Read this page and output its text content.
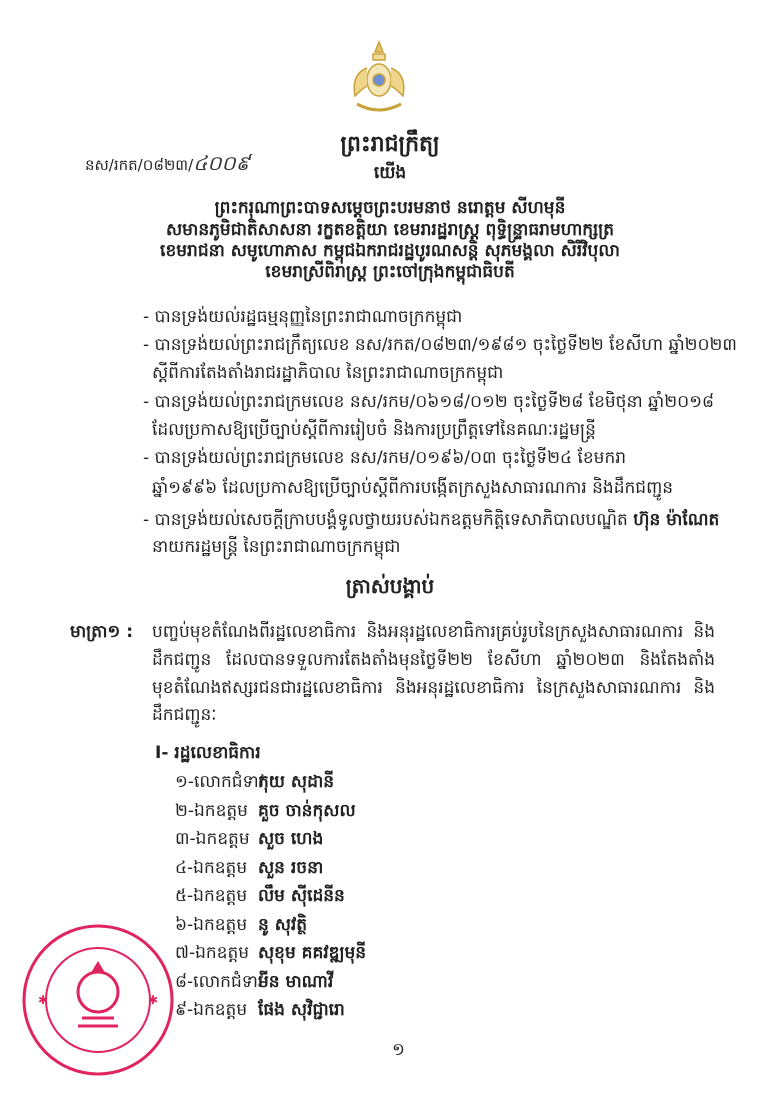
ព្រះរាជក្រឹត្យ
នស/រកត/០៨២៣/៤០០៩	យើង
ព្រះករុណាព្រះបាទសម្តេចព្រះបរមនាថ នរោត្តម សីហមុនី
សមានភូមិជាតិសាសនា រក្ខតខត្តិយា ខេមរារដ្ឋរាស្ត្រ ពុទ្ធិន្ទ្រាធរាមហាក្សត្រ
ខេមរាជនា សមូហោភាស កម្ពុជឯករាជរដ្ឋបូរណសន្តិ សុភមង្គលា សិរីវិបុលា
ខេមរាស្រីពិរាស្ត្រ ព្រះចៅក្រុងកម្ពុជាធិបតី
- បានទ្រង់យល់រដ្ឋធម្មនុញ្ញនៃព្រះរាជាណាចក្រកម្ពុជា
- បានទ្រង់យល់ព្រះរាជក្រឹត្យលេខ នស/រកត/០៨២៣/១៩៨១ ចុះថ្ងៃទី២២ ខែសីហា ឆ្នាំ២០២៣
ស្តីពីការតែងតាំងរាជរដ្ឋាភិបាល នៃព្រះរាជាណាចក្រកម្ពុជា
- បានទ្រង់យល់ព្រះរាជក្រមលេខ នស/រកម/០៦១៨/០១២ ចុះថ្ងៃទី២៨ ខែមិថុនា ឆ្នាំ២០១៨
ដែលប្រកាសឱ្យប្រើច្បាប់ស្តីពីការរៀបចំ និងការប្រព្រឹត្តទៅនៃគណៈរដ្ឋមន្ត្រី
- បានទ្រង់យល់ព្រះរាជក្រមលេខ នស/រកម/០១៩៦/០៣ ចុះថ្ងៃទី២៤ ខែមករា
ឆ្នាំ១៩៩៦ ដែលប្រកាសឱ្យប្រើច្បាប់ស្តីពីការបង្កើតក្រសួងសាធារណការ និងដឹកជញ្ជូន
- បានទ្រង់យល់សេចក្តីក្រាបបង្គំទូលថ្វាយរបស់ឯកឧត្តមកិត្តិទេសាភិបាលបណ្ឌិត ហ៊ុន ម៉ាណែត
នាយករដ្ឋមន្ត្រី នៃព្រះរាជាណាចក្រកម្ពុជា
ត្រាស់បង្គាប់
មាត្រា១ : បញ្ចប់មុខតំណែងពីរដ្ឋលេខាធិការ និងអនុរដ្ឋលេខាធិការគ្រប់រូបនៃក្រសួងសាធារណការ និង
ដឹកជញ្ជូន ដែលបានទទួលការតែងតាំងមុនថ្ងៃទី២២ ខែសីហា ឆ្នាំ២០២៣ និងតែងតាំង
មុខតំណែងឥស្សរជនជារដ្ឋលេខាធិការ និងអនុរដ្ឋលេខាធិការ នៃក្រសួងសាធារណការ និង
ដឹកជញ្ជូនៈ
I- រដ្ឋលេខាធិការ
១-លោកជំទាវ
កុយ សុដានី
២-ឯកឧត្តម គួច ចាន់កុសល
៣-ឯកឧត្តម សួច ហេង
៤-ឯកឧត្តម សួន រចនា
៥-ឯកឧត្តម លឹម ស៊ីដេនីន
៦-ឯកឧត្តម នូ សុវត្ថិ
៧-ឯកឧត្តម សុខុម គគវឌ្ឍមុនី
៨-លោកជំទាវ
មីន មាណាវី
៩-ឯកឧត្តម ផែង សុវិជ្ជារោ
✱	✱
១
